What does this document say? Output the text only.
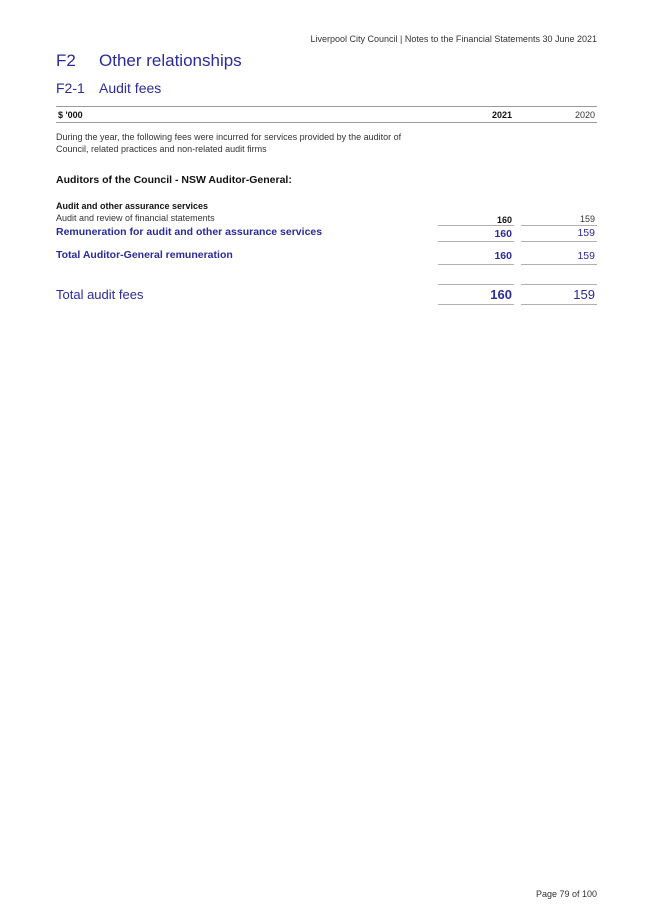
Liverpool City Council | Notes to the Financial Statements 30 June 2021
F2 Other relationships
F2-1 Audit fees
$ '000	2021	2020
During the year, the following fees were incurred for services provided by the auditor of Council, related practices and non-related audit firms
Auditors of the Council - NSW Auditor-General:
Audit and other assurance services
Audit and review of financial statements	160	159
Remuneration for audit and other assurance services	160	159
Total Auditor-General remuneration	160	159
Total audit fees	160	159
Page 79 of 100
